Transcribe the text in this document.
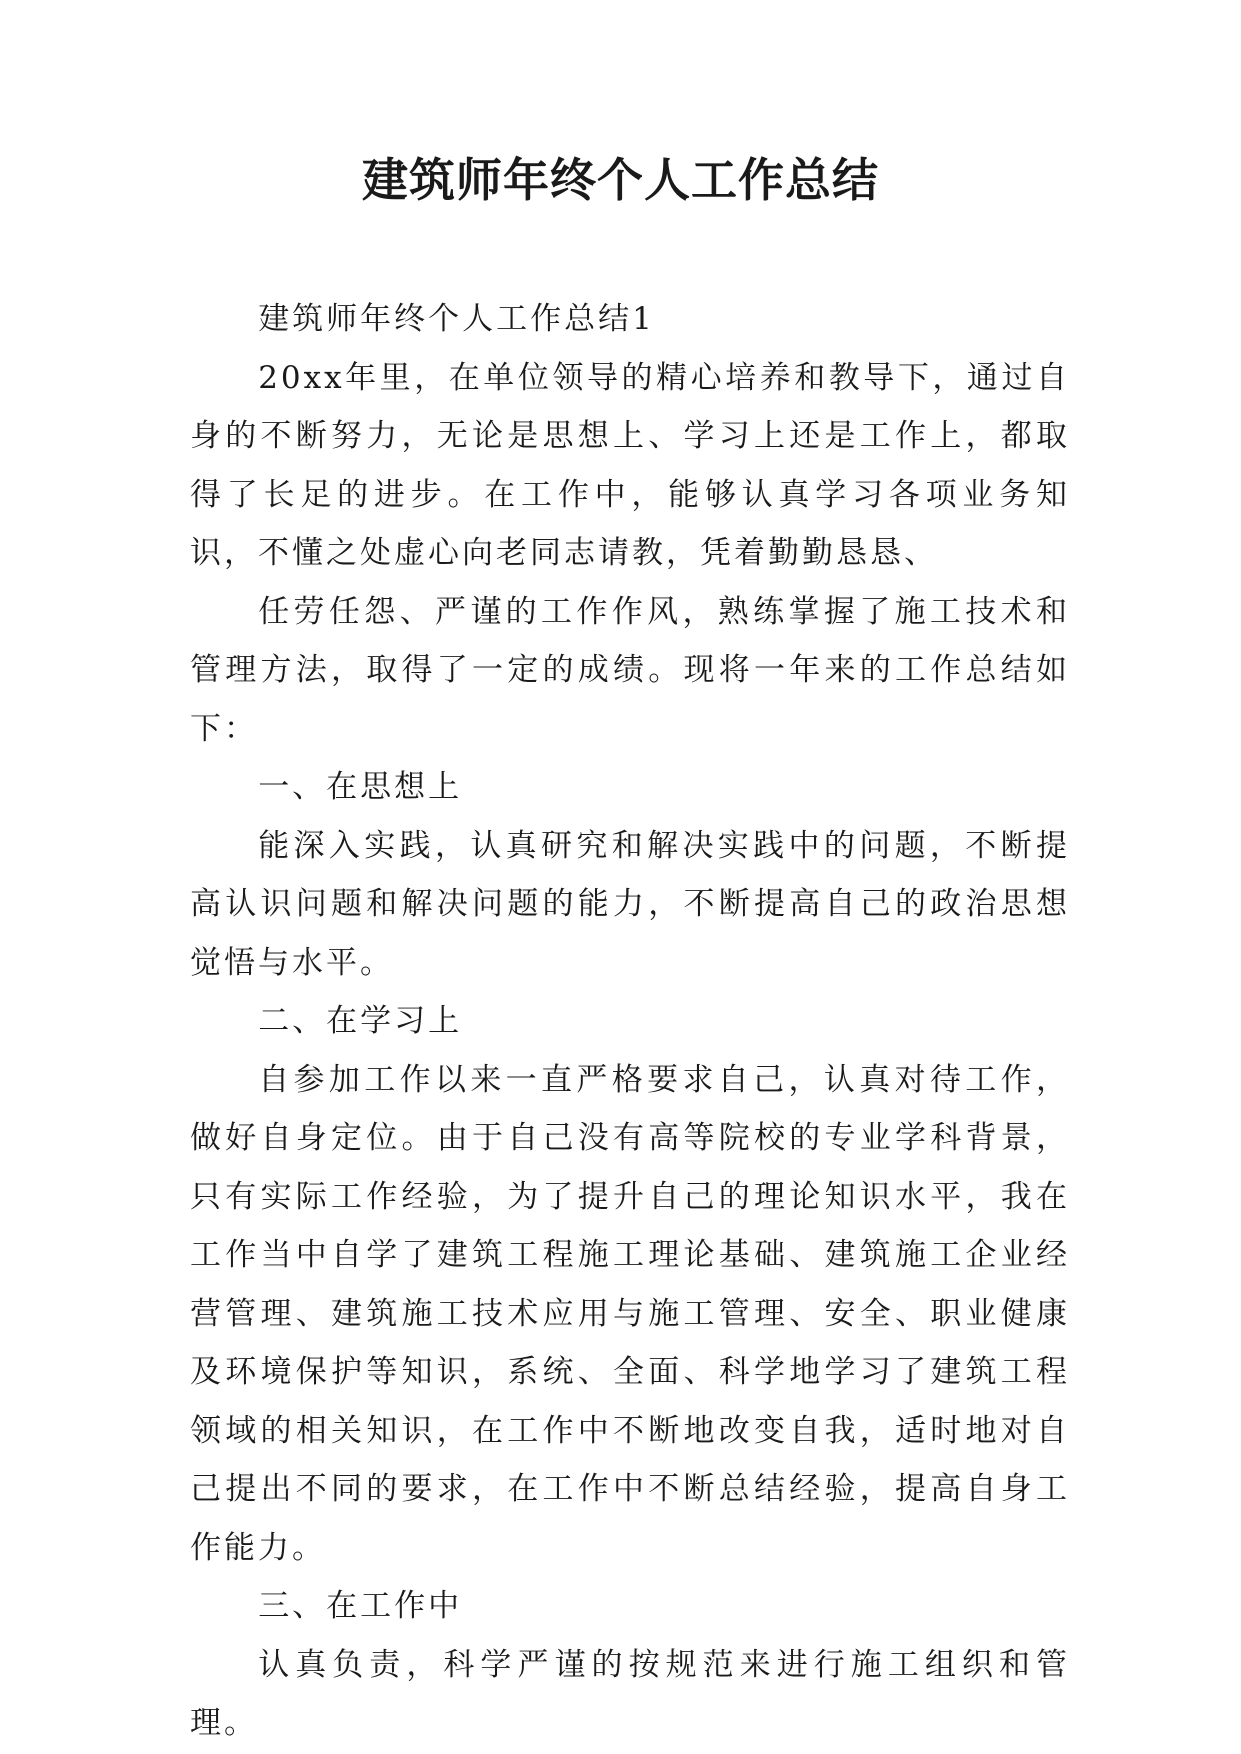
建筑师年终个人工作总结

建筑师年终个人工作总结1

20xx年里，在单位领导的精心培养和教导下，通过自身的不断努力，无论是思想上、学习上还是工作上，都取得了长足的进步。在工作中，能够认真学习各项业务知识，不懂之处虚心向老同志请教，凭着勤勤恳恳、

任劳任怨、严谨的工作作风，熟练掌握了施工技术和管理方法，取得了一定的成绩。现将一年来的工作总结如下：

一、在思想上

能深入实践，认真研究和解决实践中的问题，不断提高认识问题和解决问题的能力，不断提高自己的政治思想觉悟与水平。

二、在学习上

自参加工作以来一直严格要求自己，认真对待工作，做好自身定位。由于自己没有高等院校的专业学科背景，只有实际工作经验，为了提升自己的理论知识水平，我在工作当中自学了建筑工程施工理论基础、建筑施工企业经营管理、建筑施工技术应用与施工管理、安全、职业健康及环境保护等知识，系统、全面、科学地学习了建筑工程领域的相关知识，在工作中不断地改变自我，适时地对自己提出不同的要求，在工作中不断总结经验，提高自身工作能力。

三、在工作中

认真负责，科学严谨的按规范来进行施工组织和管理。
